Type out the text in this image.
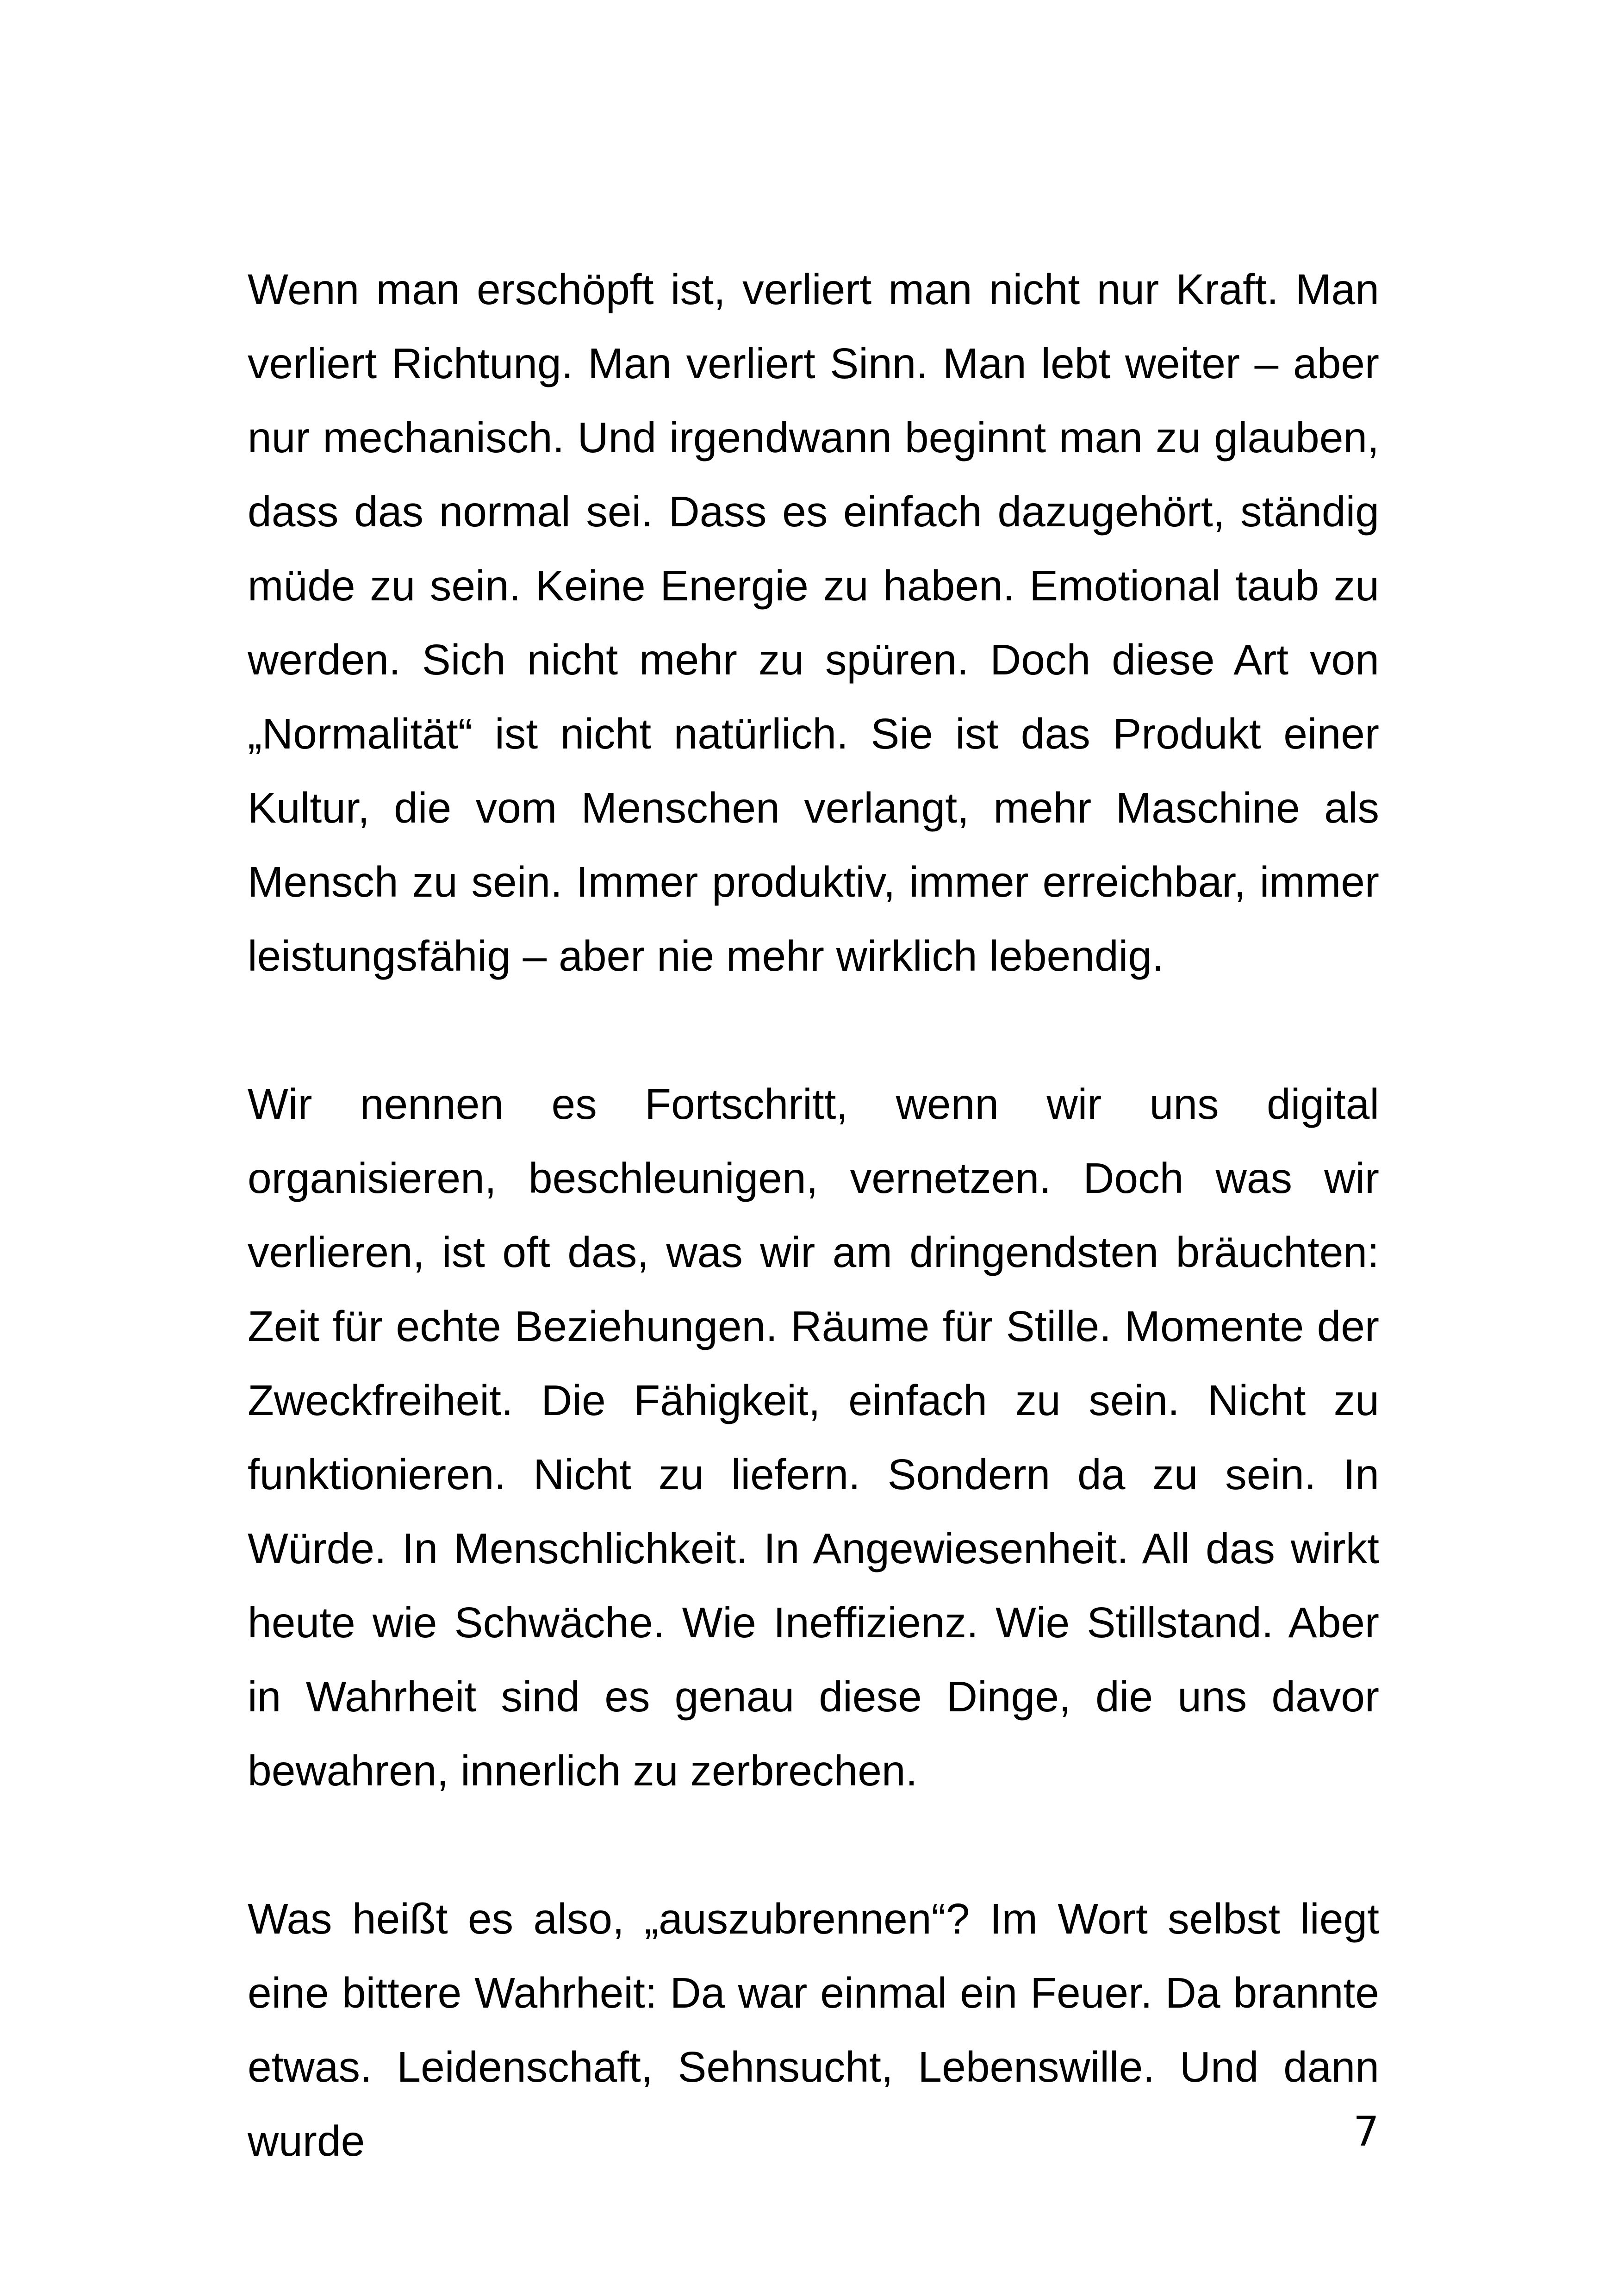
Wenn man erschöpft ist, verliert man nicht nur Kraft. Man verliert Richtung. Man verliert Sinn. Man lebt weiter – aber nur mechanisch. Und irgendwann beginnt man zu glauben, dass das normal sei. Dass es einfach dazugehört, ständig müde zu sein. Keine Energie zu haben. Emotional taub zu werden. Sich nicht mehr zu spüren. Doch diese Art von „Normalität“ ist nicht natürlich. Sie ist das Produkt einer Kultur, die vom Menschen verlangt, mehr Maschine als Mensch zu sein. Immer produktiv, immer erreichbar, immer leistungsfähig – aber nie mehr wirklich lebendig.

Wir nennen es Fortschritt, wenn wir uns digital organisieren, beschleunigen, vernetzen. Doch was wir verlieren, ist oft das, was wir am dringendsten bräuchten: Zeit für echte Beziehungen. Räume für Stille. Momente der Zweckfreiheit. Die Fähigkeit, einfach zu sein. Nicht zu funktionieren. Nicht zu liefern. Sondern da zu sein. In Würde. In Menschlichkeit. In Angewiesenheit. All das wirkt heute wie Schwäche. Wie Ineffizienz. Wie Stillstand. Aber in Wahrheit sind es genau diese Dinge, die uns davor bewahren, innerlich zu zerbrechen.

Was heißt es also, „auszubrennen“? Im Wort selbst liegt eine bittere Wahrheit: Da war einmal ein Feuer. Da brannte etwas. Leidenschaft, Sehnsucht, Lebenswille. Und dann wurde	7
